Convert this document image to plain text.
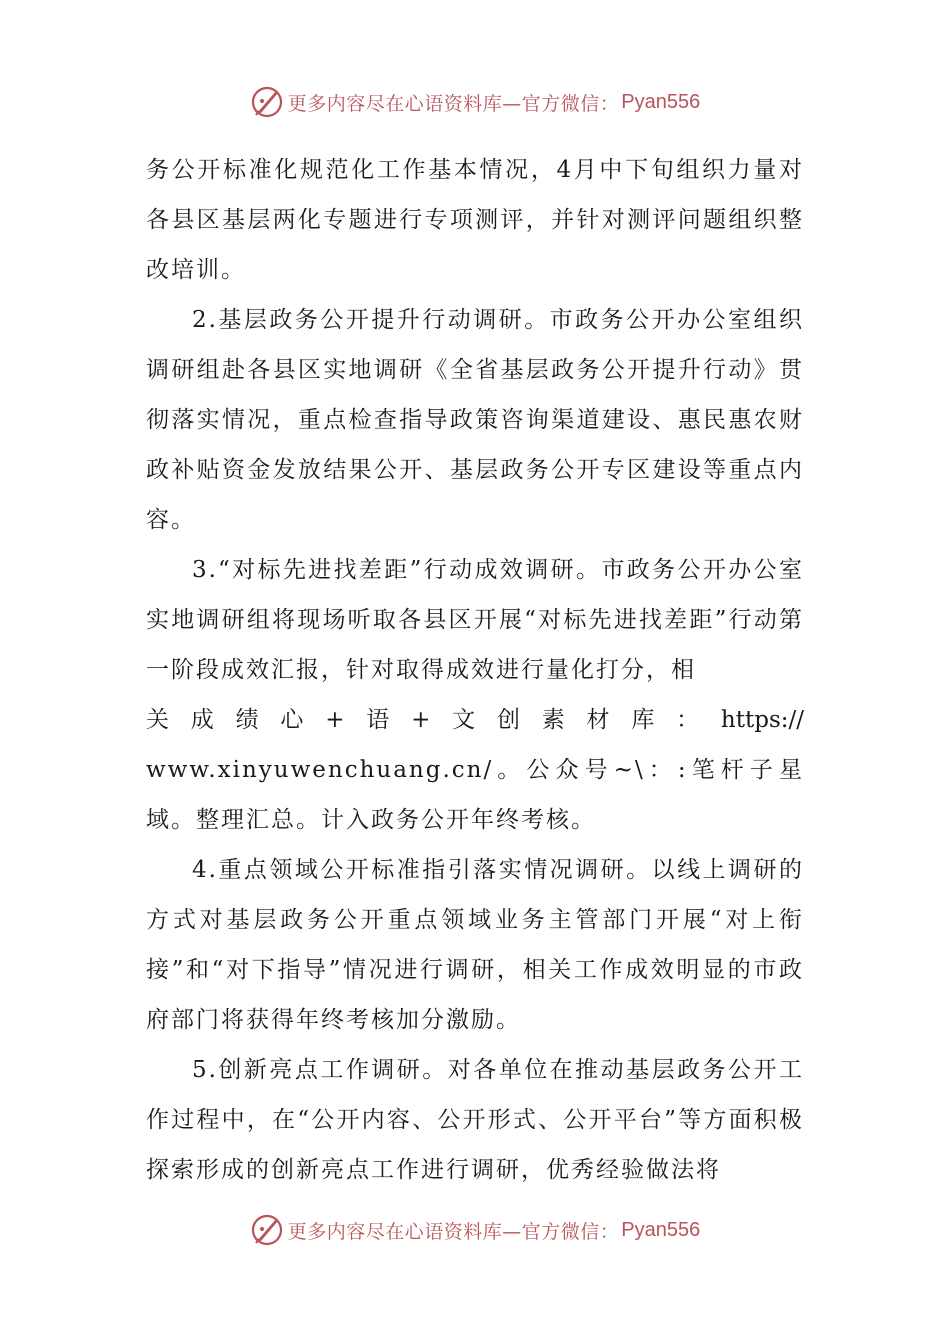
更多内容尽在心语资料库—官方微信： Pyan556

务公开标准化规范化工作基本情况，4月中下旬组织力量对各县区基层两化专题进行专项测评，并针对测评问题组织整改培训。

2.基层政务公开提升行动调研。市政务公开办公室组织调研组赴各县区实地调研《全省基层政务公开提升行动》贯彻落实情况，重点检查指导政策咨询渠道建设、惠民惠农财政补贴资金发放结果公开、基层政务公开专区建设等重点内容。

3.“对标先进找差距”行动成效调研。市政务公开办公室实地调研组将现场听取各县区开展“对标先进找差距”行动第一阶段成效汇报，针对取得成效进行量化打分，相

关 成 绩 心 + 语 + 文 创 素 材 库 ： https://

www.xinyuwenchuang.cn/。公众号~\：:笔杆子星域。整理汇总。计入政务公开年终考核。

4.重点领域公开标准指引落实情况调研。以线上调研的方式对基层政务公开重点领域业务主管部门开展“对上衔接”和“对下指导”情况进行调研，相关工作成效明显的市政府部门将获得年终考核加分激励。

5.创新亮点工作调研。对各单位在推动基层政务公开工作过程中，在“公开内容、公开形式、公开平台”等方面积极探索形成的创新亮点工作进行调研，优秀经验做法将

更多内容尽在心语资料库—官方微信： Pyan556
